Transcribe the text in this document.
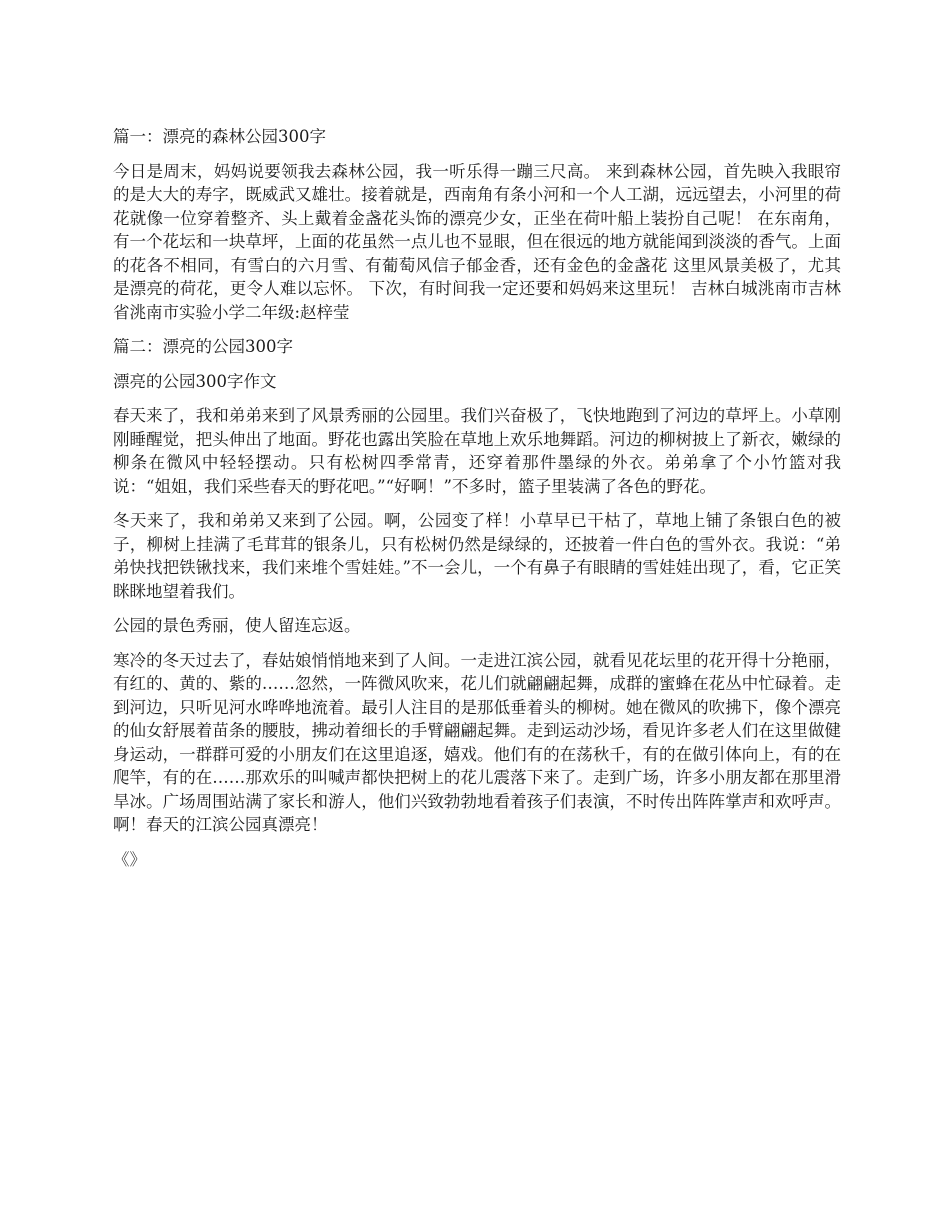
篇一：漂亮的森林公园300字

今日是周末，妈妈说要领我去森林公园，我一听乐得一蹦三尺高。 来到森林公园，首先映入我眼帘的是大大的寿字，既威武又雄壮。接着就是，西南角有条小河和一个人工湖，远远望去，小河里的荷花就像一位穿着整齐、头上戴着金盏花头饰的漂亮少女，正坐在荷叶船上装扮自己呢！ 在东南角，有一个花坛和一块草坪，上面的花虽然一点儿也不显眼，但在很远的地方就能闻到淡淡的香气。上面的花各不相同，有雪白的六月雪、有葡萄风信子郁金香，还有金色的金盏花 这里风景美极了，尤其是漂亮的荷花，更令人难以忘怀。 下次，有时间我一定还要和妈妈来这里玩！ 吉林白城洮南市吉林省洮南市实验小学二年级:赵梓莹

篇二：漂亮的公园300字

漂亮的公园300字作文

春天来了，我和弟弟来到了风景秀丽的公园里。我们兴奋极了，飞快地跑到了河边的草坪上。小草刚刚睡醒觉，把头伸出了地面。野花也露出笑脸在草地上欢乐地舞蹈。河边的柳树披上了新衣，嫩绿的柳条在微风中轻轻摆动。只有松树四季常青，还穿着那件墨绿的外衣。弟弟拿了个小竹篮对我说：“姐姐，我们采些春天的野花吧。”“好啊！”不多时，篮子里装满了各色的野花。

冬天来了，我和弟弟又来到了公园。啊，公园变了样！小草早已干枯了，草地上铺了条银白色的被子，柳树上挂满了毛茸茸的银条儿，只有松树仍然是绿绿的，还披着一件白色的雪外衣。我说：“弟弟快找把铁锹找来，我们来堆个雪娃娃。”不一会儿，一个有鼻子有眼睛的雪娃娃出现了，看，它正笑眯眯地望着我们。

公园的景色秀丽，使人留连忘返。

寒冷的冬天过去了，春姑娘悄悄地来到了人间。一走进江滨公园，就看见花坛里的花开得十分艳丽，有红的、黄的、紫的……忽然，一阵微风吹来，花儿们就翩翩起舞，成群的蜜蜂在花丛中忙碌着。走到河边，只听见河水哗哗地流着。最引人注目的是那低垂着头的柳树。她在微风的吹拂下，像个漂亮的仙女舒展着苗条的腰肢，拂动着细长的手臂翩翩起舞。走到运动沙场，看见许多老人们在这里做健身运动，一群群可爱的小朋友们在这里追逐，嬉戏。他们有的在荡秋千，有的在做引体向上，有的在爬竿，有的在……那欢乐的叫喊声都快把树上的花儿震落下来了。走到广场，许多小朋友都在那里滑旱冰。广场周围站满了家长和游人，他们兴致勃勃地看着孩子们表演，不时传出阵阵掌声和欢呼声。啊！春天的江滨公园真漂亮！

《》
